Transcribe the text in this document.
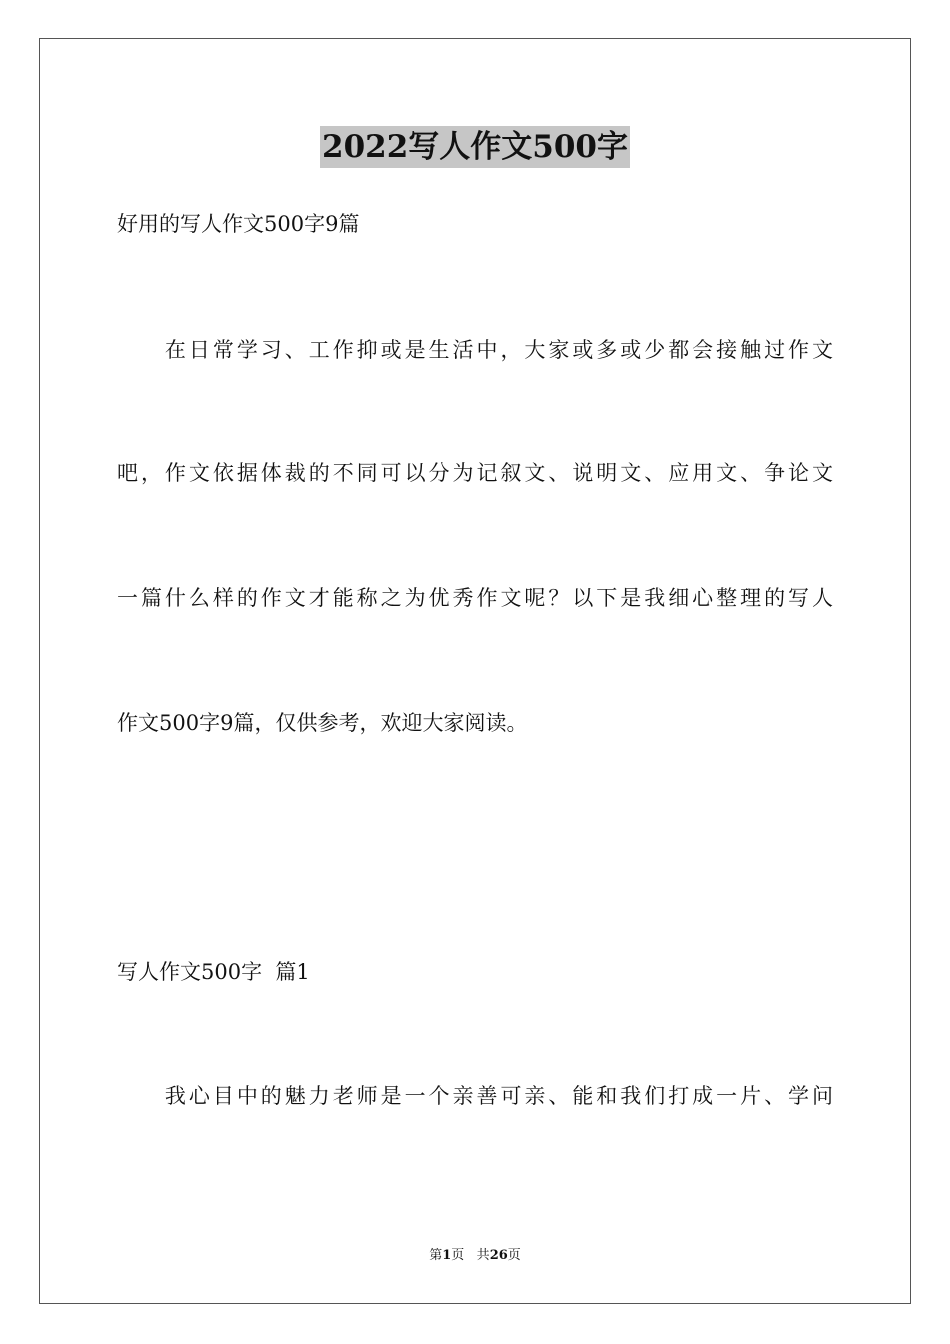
2022写人作文500字
好用的写人作文500字9篇
　　在日常学习、工作抑或是生活中，大家或多或少都会接触过作文
吧，作文依据体裁的不同可以分为记叙文、说明文、应用文、争论文
一篇什么样的作文才能称之为优秀作文呢？以下是我细心整理的写人
作文500字9篇，仅供参考，欢迎大家阅读。
写人作文500字  篇1
　　我心目中的魅力老师是一个亲善可亲、能和我们打成一片、学问
第1页 共26页
